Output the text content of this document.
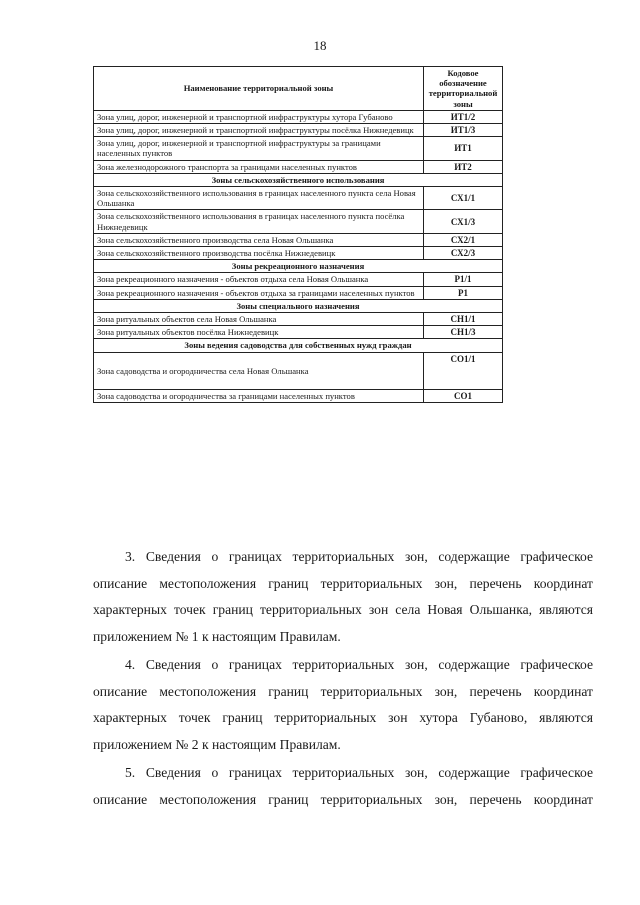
18
Наименование территориальной зоны	Кодовое обозначение территориальной зоны
Зона улиц, дорог, инженерной и транспортной инфраструктуры хутора Губаново	ИТ1/2
Зона улиц, дорог, инженерной и транспортной инфраструктуры посёлка Нижнедевицк	ИТ1/3
Зона улиц, дорог, инженерной и транспортной инфраструктуры за границами населенных пунктов	ИТ1
Зона железнодорожного транспорта за границами населенных пунктов	ИТ2
Зоны сельскохозяйственного использования	
Зона сельскохозяйственного использования в границах населенного пункта села Новая Ольшанка	СХ1/1
Зона сельскохозяйственного использования в границах населенного пункта посёлка Нижнедевицк	СХ1/3
Зона сельскохозяйственного производства села Новая Ольшанка	СХ2/1
Зона сельскохозяйственного производства посёлка Нижнедевицк	СХ2/3
Зоны рекреационного назначения	
Зона рекреационного назначения - объектов отдыха села Новая Ольшанка	Р1/1
Зона рекреационного назначения - объектов отдыха за границами населенных пунктов	Р1
Зоны специального назначения	
Зона ритуальных объектов села Новая Ольшанка	СН1/1
Зона ритуальных объектов посёлка Нижнедевицк	СН1/3
Зоны ведения садоводства для собственных нужд граждан	
Зона садоводства и огородничества села Новая Ольшанка	СО1/1
Зона садоводства и огородничества за границами населенных пунктов	СО1

3. Сведения о границах территориальных зон, содержащие графическое описание местоположения границ территориальных зон, перечень координат характерных точек границ территориальных зон села Новая Ольшанка, являются приложением № 1 к настоящим Правилам.

4. Сведения о границах территориальных зон, содержащие графическое описание местоположения границ территориальных зон, перечень координат характерных точек границ территориальных зон хутора Губаново, являются приложением № 2 к настоящим Правилам.

5. Сведения о границах территориальных зон, содержащие графическое описание местоположения границ территориальных зон, перечень координат
